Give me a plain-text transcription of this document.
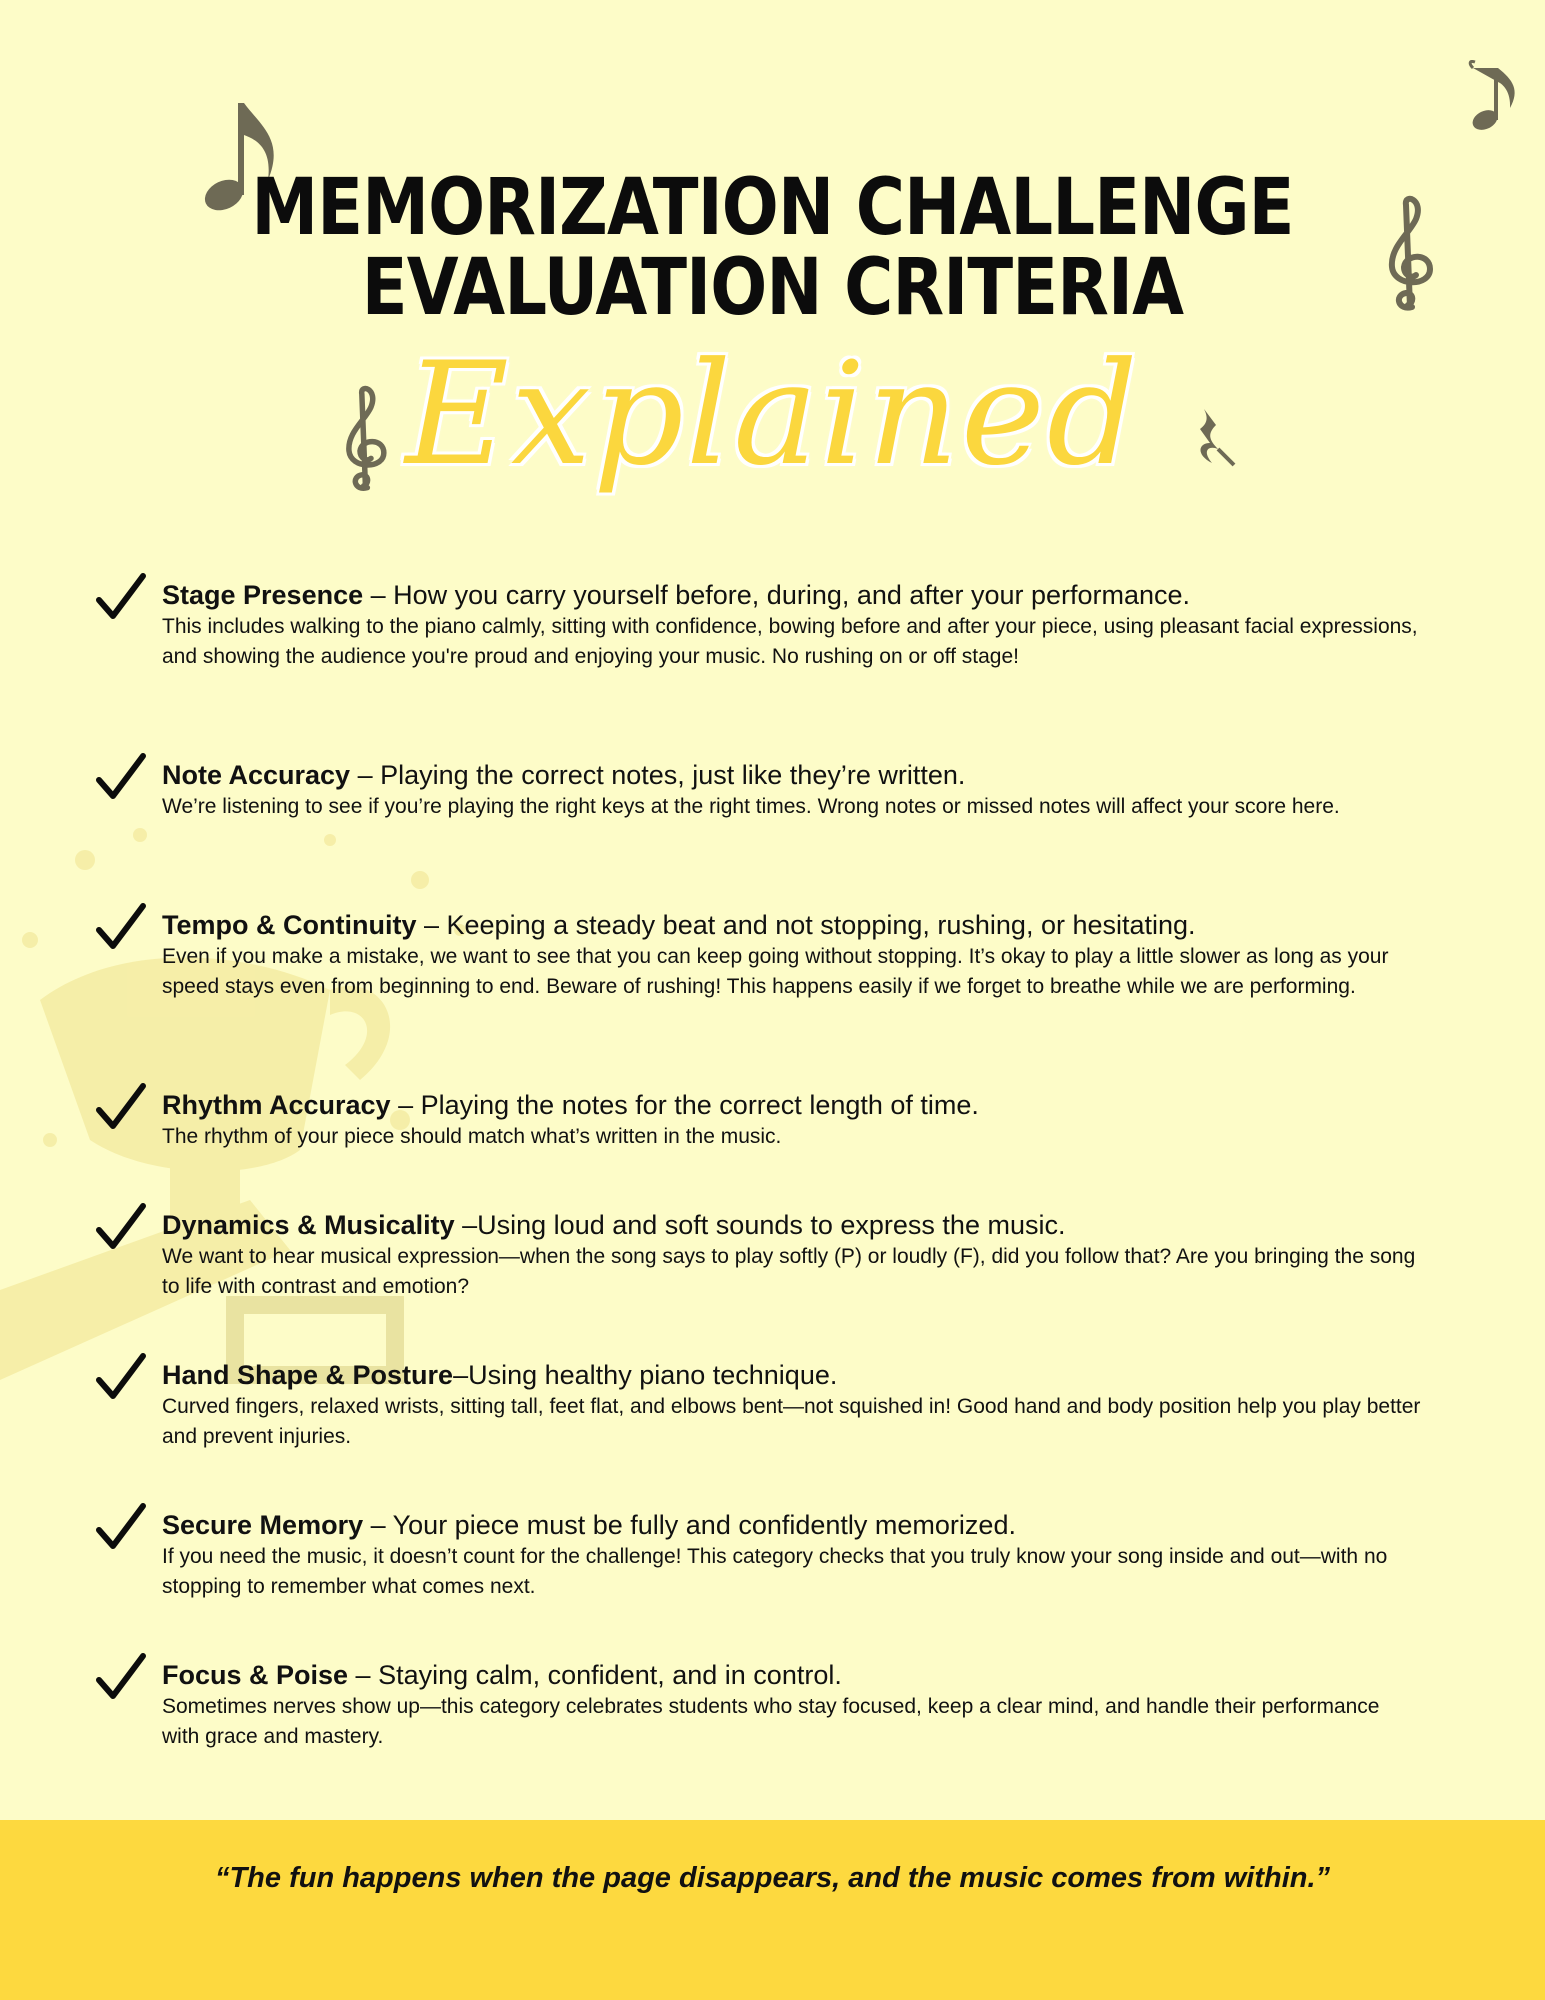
MEMORIZATION CHALLENGE
EVALUATION CRITERIA
Explained

Stage Presence – How you carry yourself before, during, and after your performance.

This includes walking to the piano calmly, sitting with confidence, bowing before and after your piece, using pleasant facial expressions, and showing the audience you're proud and enjoying your music. No rushing on or off stage!

Note Accuracy – Playing the correct notes, just like they’re written.

We’re listening to see if you’re playing the right keys at the right times. Wrong notes or missed notes will affect your score here.

Tempo & Continuity – Keeping a steady beat and not stopping, rushing, or hesitating.

Even if you make a mistake, we want to see that you can keep going without stopping. It’s okay to play a little slower as long as your speed stays even from beginning to end. Beware of rushing! This happens easily if we forget to breathe while we are performing.

Rhythm Accuracy – Playing the notes for the correct length of time.

The rhythm of your piece should match what’s written in the music.

Dynamics & Musicality –Using loud and soft sounds to express the music.

We want to hear musical expression—when the song says to play softly (P) or loudly (F), did you follow that? Are you bringing the song to life with contrast and emotion?

Hand Shape & Posture–Using healthy piano technique.

Curved fingers, relaxed wrists, sitting tall, feet flat, and elbows bent—not squished in! Good hand and body position help you play better and prevent injuries.

Secure Memory – Your piece must be fully and confidently memorized.

If you need the music, it doesn’t count for the challenge! This category checks that you truly know your song inside and out—with no stopping to remember what comes next.

Focus & Poise – Staying calm, confident, and in control.

Sometimes nerves show up—this category celebrates students who stay focused, keep a clear mind, and handle their performance with grace and mastery.

“The fun happens when the page disappears, and the music comes from within.”
